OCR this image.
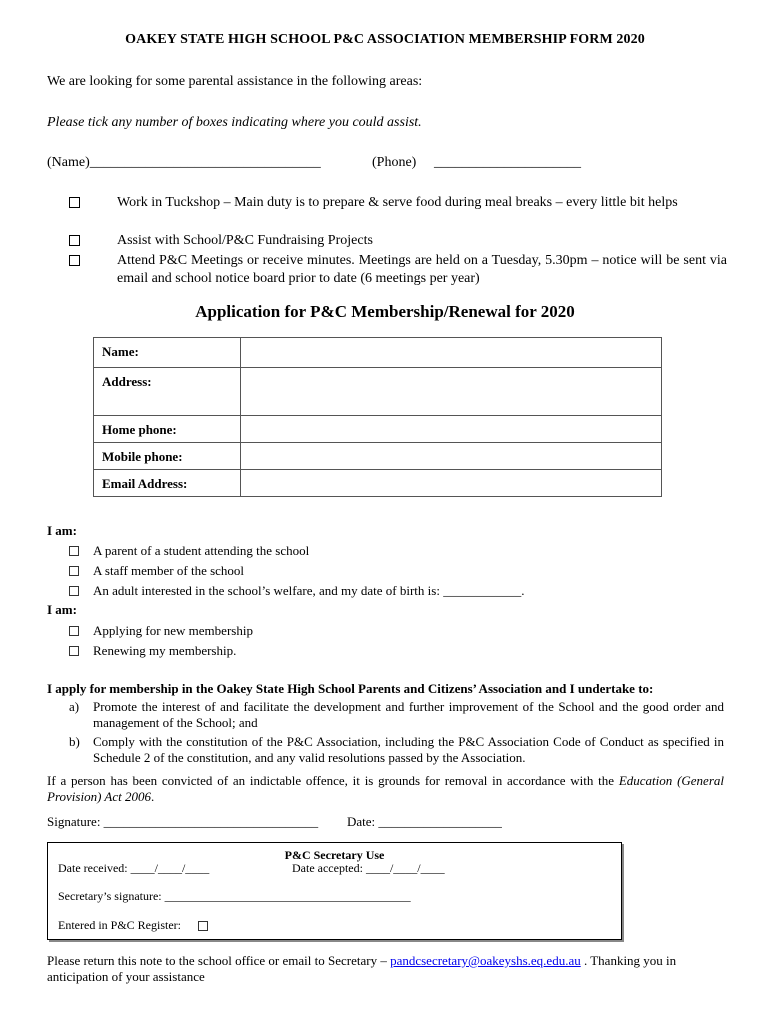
OAKEY STATE HIGH SCHOOL P&C ASSOCIATION MEMBERSHIP FORM 2020
We are looking for some parental assistance in the following areas:
Please tick any number of boxes indicating where you could assist.
(Name)_________________________________	(Phone) _____________________
Work in Tuckshop – Main duty is to prepare & serve food during meal breaks – every little bit helps
Assist with School/P&C Fundraising Projects
Attend P&C Meetings or receive minutes. Meetings are held on a Tuesday, 5.30pm – notice will be sent via email and school notice board prior to date (6 meetings per year)
Application for P&C Membership/Renewal for 2020
Name:	
Address:	
Home phone:	
Mobile phone:	
Email Address:	
I am:
A parent of a student attending the school
A staff member of the school
An adult interested in the school’s welfare, and my date of birth is: ____________.
I am:
Applying for new membership
Renewing my membership.
I apply for membership in the Oakey State High School Parents and Citizens’ Association and I undertake to:
a) Promote the interest of and facilitate the development and further improvement of the School and the good order and management of the School; and
b) Comply with the constitution of the P&C Association, including the P&C Association Code of Conduct as specified in Schedule 2 of the constitution, and any valid resolutions passed by the Association.
If a person has been convicted of an indictable offence, it is grounds for removal in accordance with the Education (General Provision) Act 2006.
Signature: _________________________________ Date: ___________________
P&C Secretary Use
Date received: ____/____/____	Date accepted: ____/____/____
Secretary’s signature: _________________________________________
Entered in P&C Register:
Please return this note to the school office or email to Secretary – pandcsecretary@oakeyshs.eq.edu.au . Thanking you in anticipation of your assistance
